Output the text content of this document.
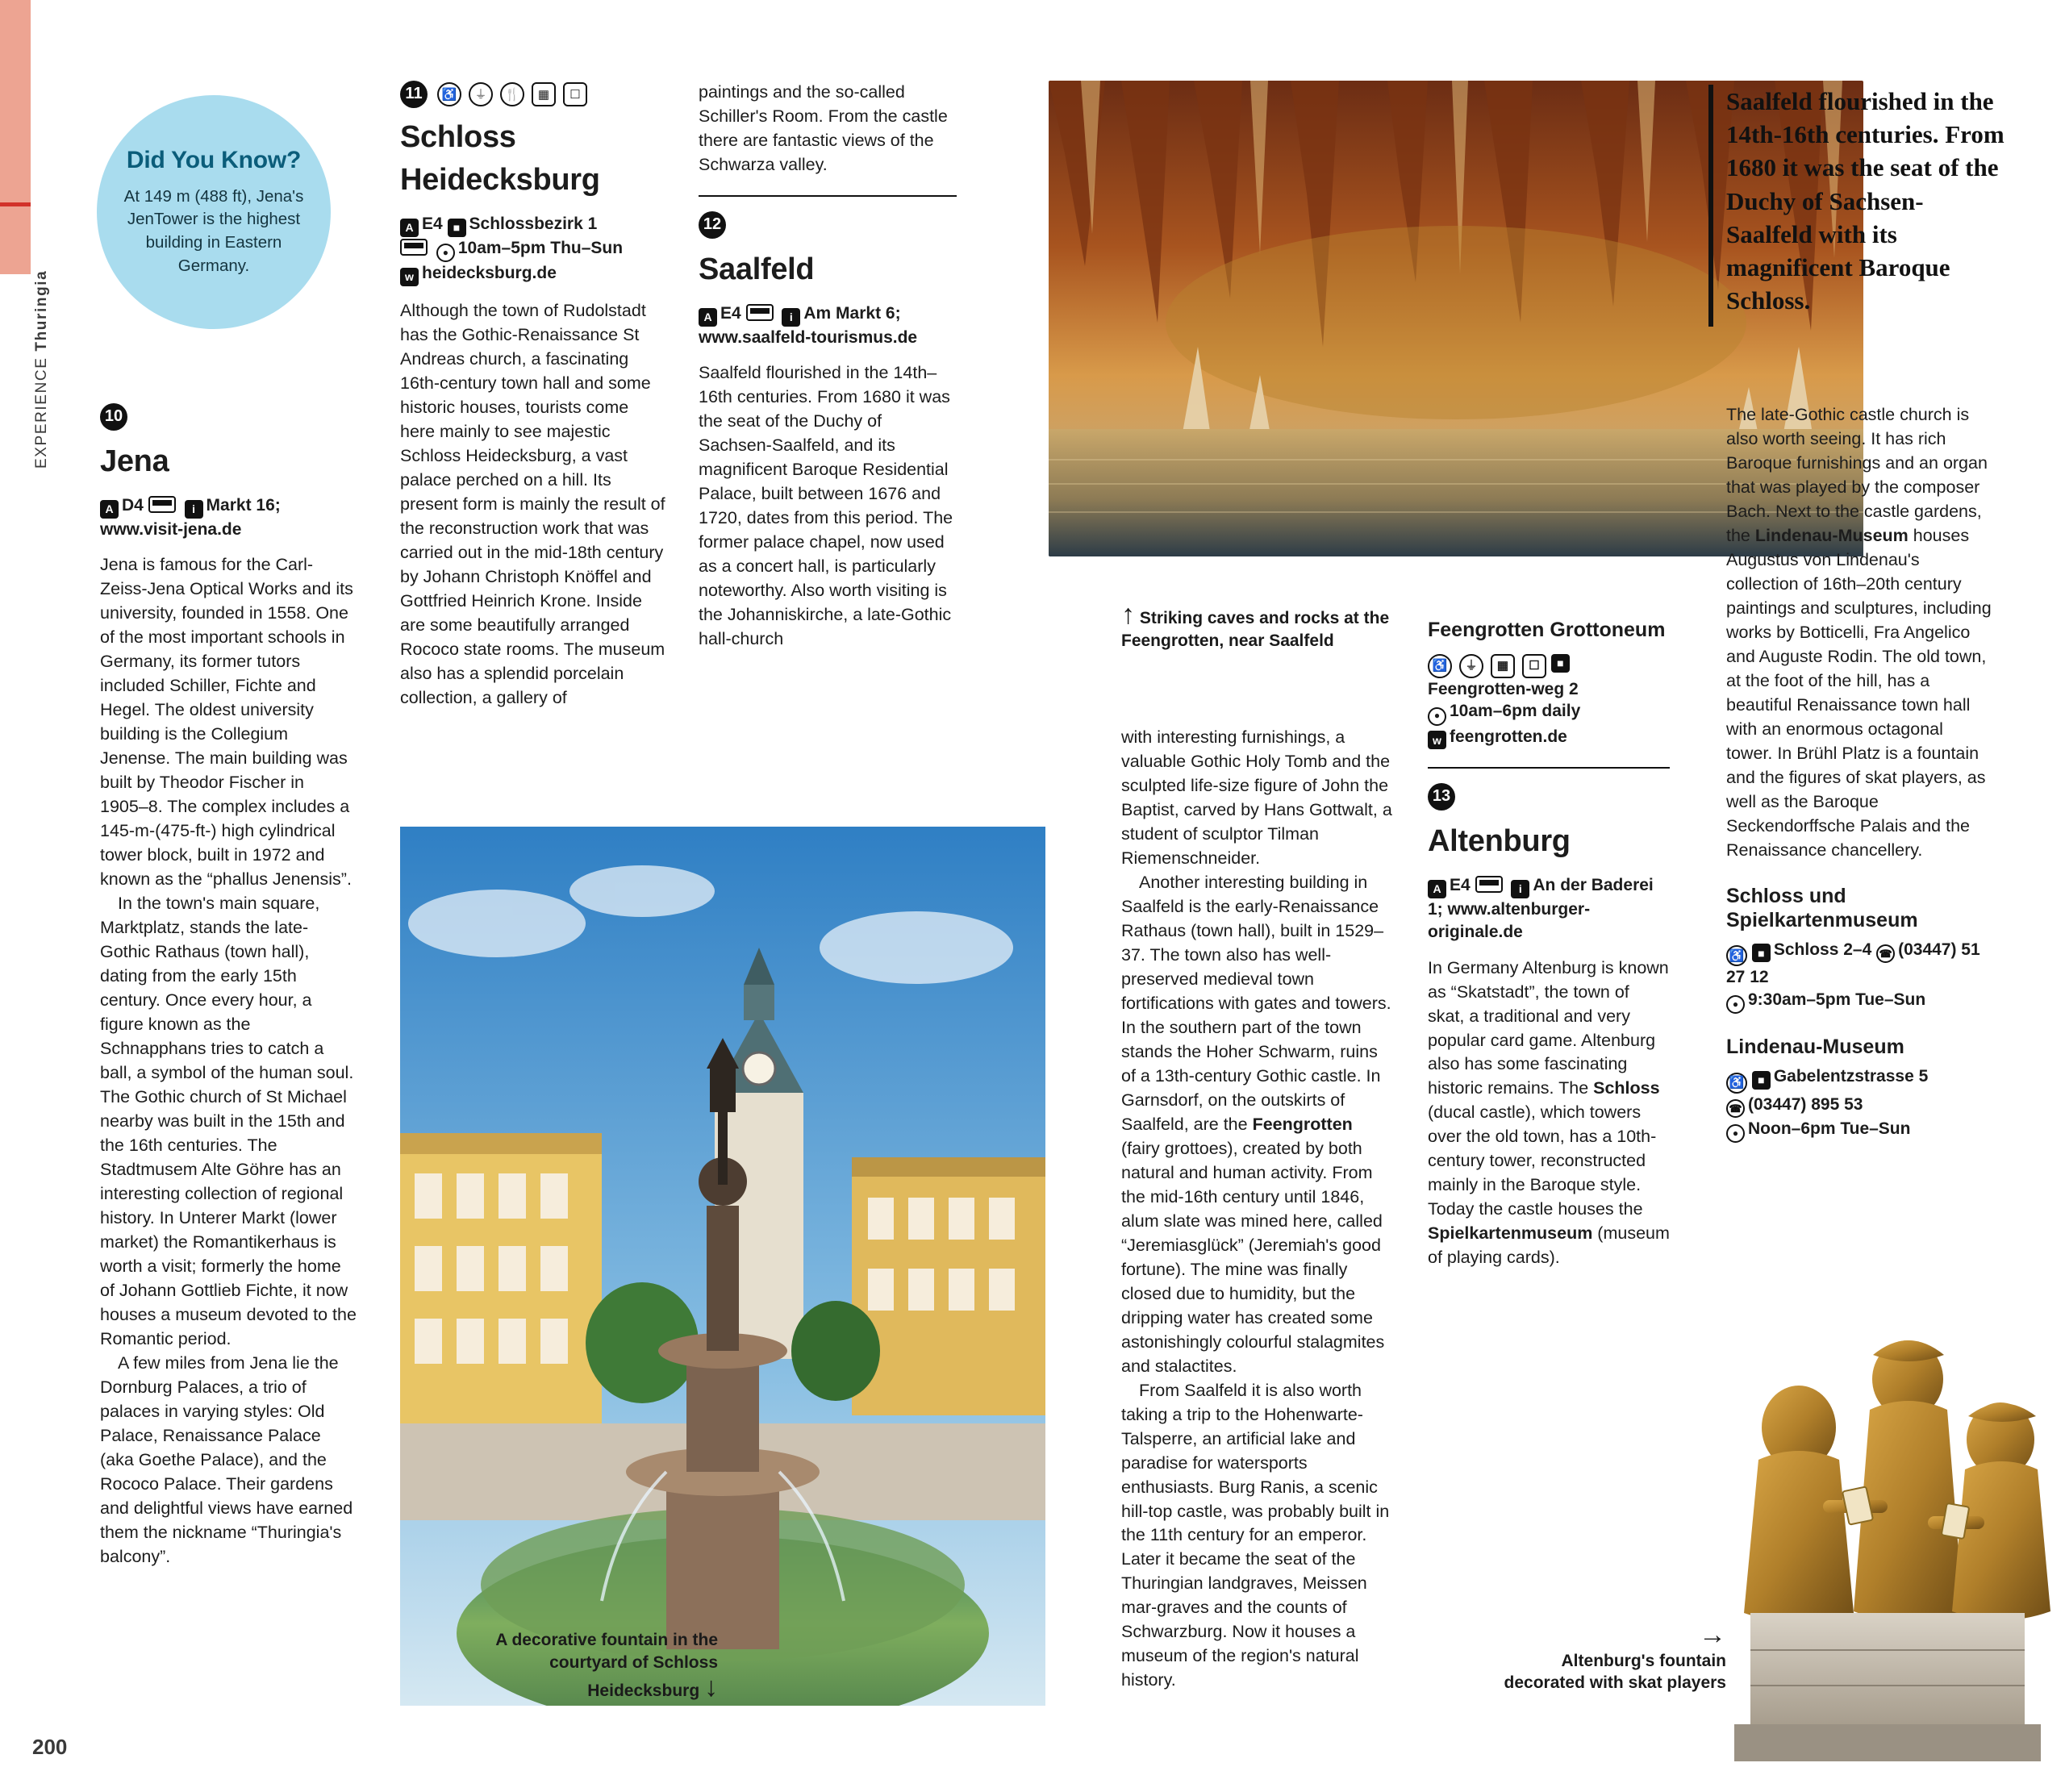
EXPERIENCE Thuringia
200
Did You Know?

At 149 m (488 ft), Jena's JenTower is the highest building in Eastern Germany.

10
Jena

A D4	i Markt 16; www.visit-jena.de

Jena is famous for the Carl-Zeiss-Jena Optical Works and its university, founded in 1558. One of the most important schools in Germany, its former tutors included Schiller, Fichte and Hegel. The oldest university building is the Collegium Jenense. The main building was built by Theodor Fischer in 1905–8. The complex includes a 145-m-(475-ft-) high cylindrical tower block, built in 1972 and known as the “phallus Jenensis”.

In the town's main square, Marktplatz, stands the late-Gothic Rathaus (town hall), dating from the early 15th century. Once every hour, a figure known as the Schnapphans tries to catch a ball, a symbol of the human soul. The Gothic church of St Michael nearby was built in the 15th and the 16th centuries. The Stadtmusem Alte Göhre has an interesting collection of regional history. In Unterer Markt (lower market) the Romantikerhaus is worth a visit; formerly the home of Johann Gottlieb Fichte, it now houses a museum devoted to the Romantic period.

A few miles from Jena lie the Dornburg Palaces, a trio of palaces in varying styles: Old Palace, Renaissance Palace (aka Goethe Palace), and the Rococo Palace. Their gardens and delightful views have earned them the nickname “Thuringia's balcony”.

11	♿	⏚	🍴	▦	☐
Schloss Heidecksburg

A E4 ■ Schlossbezirk 1

● 10am–5pm Thu–Sun

w heidecksburg.de

Although the town of Rudolstadt has the Gothic-Renaissance St Andreas church, a fascinating 16th-century town hall and some historic houses, tourists come here mainly to see majestic Schloss Heidecksburg, a vast palace perched on a hill. Its present form is mainly the result of the reconstruction work that was carried out in the mid-18th century by Johann Christoph Knöffel and Gottfried Heinrich Krone. Inside are some beautifully arranged Rococo state rooms. The museum also has a splendid porcelain collection, a gallery of

paintings and the so-called Schiller's Room. From the castle there are fantastic views of the Schwarza valley.

12
Saalfeld

A E4	i Am Markt 6; www.saalfeld-tourismus.de

Saalfeld flourished in the 14th–16th centuries. From 1680 it was the seat of the Duchy of Sachsen-Saalfeld, and its magnificent Baroque Residential Palace, built between 1676 and 1720, dates from this period. The former palace chapel, now used as a concert hall, is particularly noteworthy. Also worth visiting is the Johanniskirche, a late-Gothic hall-church

↑ Striking caves and rocks at the Feengrotten, near Saalfeld

with interesting furnishings, a valuable Gothic Holy Tomb and the sculpted life-size figure of John the Baptist, carved by Hans Gottwalt, a student of sculptor Tilman Riemenschneider.

Another interesting building in Saalfeld is the early-Renaissance Rathaus (town hall), built in 1529–37. The town also has well-preserved medieval town fortifications with gates and towers. In the southern part of the town stands the Hoher Schwarm, ruins of a 13th-century Gothic castle. In Garnsdorf, on the outskirts of Saalfeld, are the Feengrotten (fairy grottoes), created by both natural and human activity. From the mid-16th century until 1846, alum slate was mined here, called “Jeremiasglück” (Jeremiah's good fortune). The mine was finally closed due to humidity, but the dripping water has created some astonishingly colourful stalagmites and stalactites.

From Saalfeld it is also worth taking a trip to the Hohenwarte-Talsperre, an artificial lake and paradise for watersports enthusiasts. Burg Ranis, a scenic hill-top castle, was probably built in the 11th century for an emperor. Later it became the seat of the Thuringian landgraves, Meissen mar-graves and the counts of Schwarzburg. Now it houses a museum of the region's natural history.

Feengrotten Grottoneum

♿	⏚	▦	☐	■Feengrotten-weg 2

● 10am–6pm daily

w feengrotten.de

13
Altenburg

A E4	i An der Baderei 1; www.altenburger-originale.de

In Germany Altenburg is known as “Skatstadt”, the town of skat, a traditional and very popular card game. Altenburg also has some fascinating historic remains. The Schloss (ducal castle), which towers over the old town, has a 10th-century tower, reconstructed mainly in the Baroque style. Today the castle houses the Spielkartenmuseum (museum of playing cards).

Saalfeld flourished in the 14th-16th centuries. From 1680 it was the seat of the Duchy of Sachsen-Saalfeld with its magnificent Baroque Schloss.

The late-Gothic castle church is also worth seeing. It has rich Baroque furnishings and an organ that was played by the composer Bach. Next to the castle gardens, the Lindenau-Museum houses Augustus von Lindenau's collection of 16th–20th century paintings and sculptures, including works by Botticelli, Fra Angelico and Auguste Rodin. The old town, at the foot of the hill, has a beautiful Renaissance town hall with an enormous octagonal tower. In Brühl Platz is a fountain and the figures of skat players, as well as the Baroque Seckendorffsche Palais and the Renaissance chancellery.

Schloss und Spielkartenmuseum

♿ ■ Schloss 2–4 ☎ (03447) 51 27 12

● 9:30am–5pm Tue–Sun

Lindenau-Museum

♿ ■ Gabelentzstrasse 5

☎ (03447) 895 53

● Noon–6pm Tue–Sun

A decorative fountain in the courtyard of Schloss Heidecksburg ↓
→
Altenburg's fountain decorated with skat players
